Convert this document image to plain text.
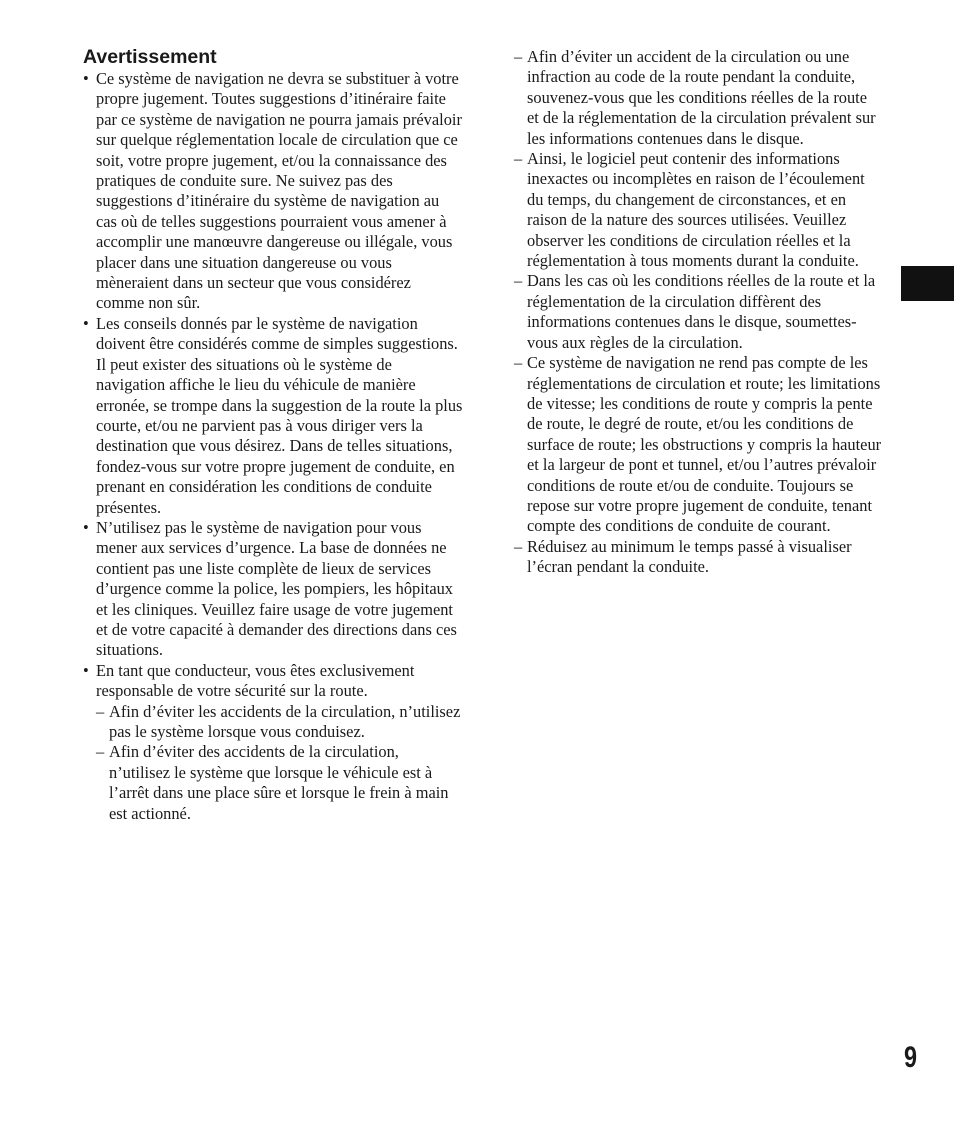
Avertissement

• Ce système de navigation ne devra se substituer à votre propre jugement. Toutes suggestions d’itinéraire faite par ce système de navigation ne pourra jamais prévaloir sur quelque réglementation locale de circulation que ce soit, votre propre jugement, et/ou la connaissance des pratiques de conduite sure. Ne suivez pas des suggestions d’itinéraire du système de navigation au cas où de telles suggestions pourraient vous amener à accomplir une manœuvre dangereuse ou illégale, vous placer dans une situation dangereuse ou vous mèneraient dans un secteur que vous considérez comme non sûr.

• Les conseils donnés par le système de navigation doivent être considérés comme de simples suggestions. Il peut exister des situations où le système de navigation affiche le lieu du véhicule de manière erronée, se trompe dans la suggestion de la route la plus courte, et/ou ne parvient pas à vous diriger vers la destination que vous désirez. Dans de telles situations, fondez-vous sur votre propre jugement de conduite, en prenant en considération les conditions de conduite présentes.

• N’utilisez pas le système de navigation pour vous mener aux services d’urgence. La base de données ne contient pas une liste complète de lieux de services d’urgence comme la police, les pompiers, les hôpitaux et les cliniques. Veuillez faire usage de votre jugement et de votre capacité à demander des directions dans ces situations.

• En tant que conducteur, vous êtes exclusivement responsable de votre sécurité sur la route.

– Afin d’éviter les accidents de la circulation, n’utilisez pas le système lorsque vous conduisez.

– Afin d’éviter des accidents de la circulation, n’utilisez le système que lorsque le véhicule est à l’arrêt dans une place sûre et lorsque le frein à main est actionné.

– Afin d’éviter un accident de la circulation ou une infraction au code de la route pendant la conduite, souvenez-vous que les conditions réelles de la route et de la réglementation de la circulation prévalent sur les informations contenues dans le disque.

– Ainsi, le logiciel peut contenir des informations inexactes ou incomplètes en raison de l’écoulement du temps, du changement de circonstances, et en raison de la nature des sources utilisées. Veuillez observer les conditions de circulation réelles et la réglementation à tous moments durant la conduite.

– Dans les cas où les conditions réelles de la route et la réglementation de la circulation diffèrent des informations contenues dans le disque, soumettes-vous aux règles de la circulation.

– Ce système de navigation ne rend pas compte de les réglementations de circulation et route; les limitations de vitesse; les conditions de route y compris la pente de route, le degré de route, et/ou les conditions de surface de route; les obstructions y compris la hauteur et la largeur de pont et tunnel, et/ou l’autres prévaloir conditions de route et/ou de conduite. Toujours se repose sur votre propre jugement de conduite, tenant compte des conditions de conduite de courant.

– Réduisez au minimum le temps passé à visualiser l’écran pendant la conduite.

9
